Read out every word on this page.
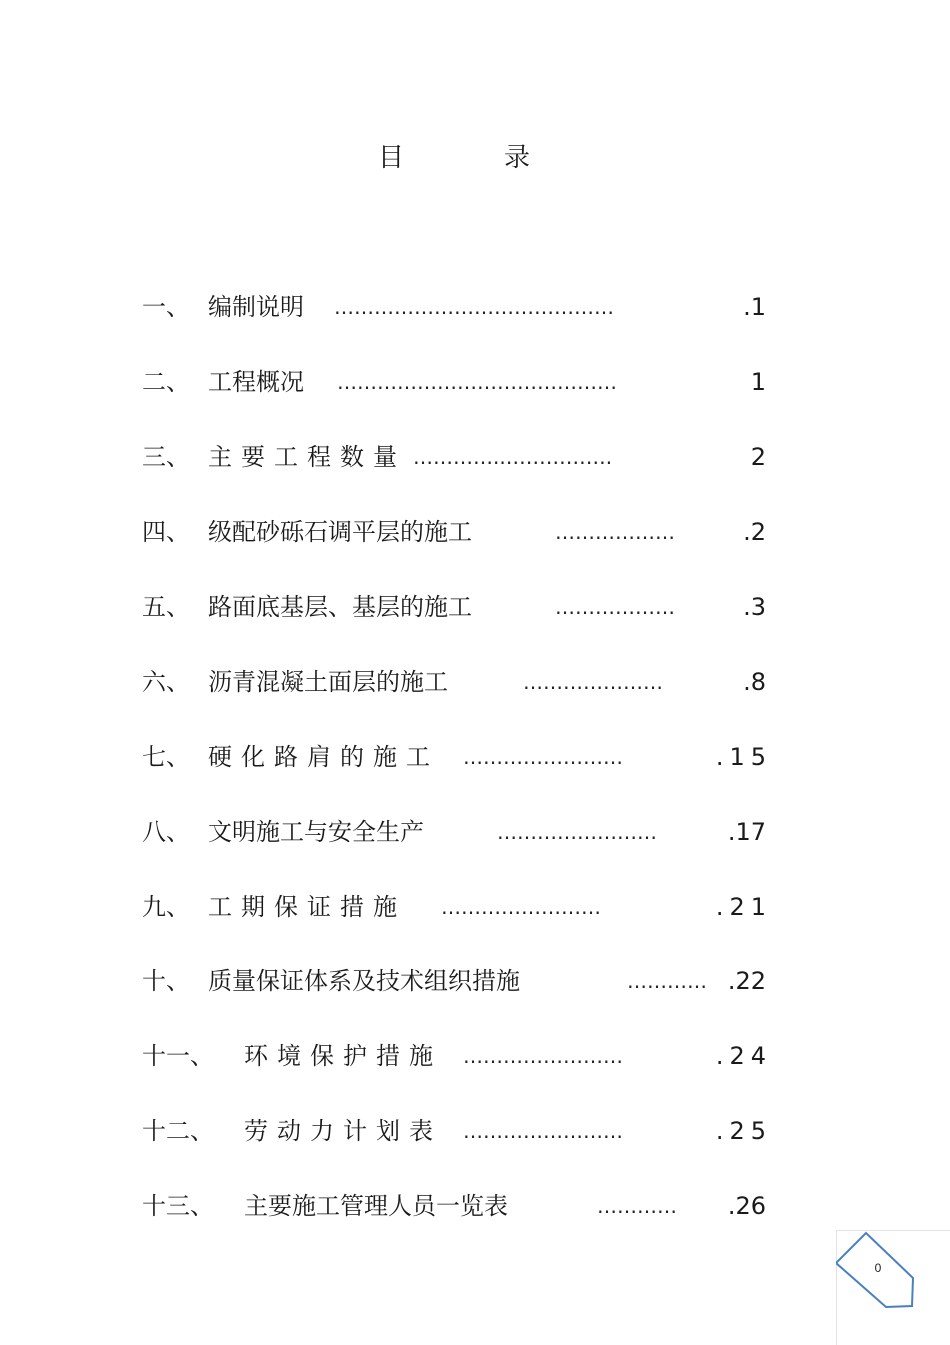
目	录
一、 编制说明 ……………………………………	.1
二、 工程概况 ……………………………………	1
三、 主要工程数量 …………..…………….	2
四、 级配砂砾石调平层的施工	………………	.2
五、 路面底基层、基层的施工	………………	.3
六、 沥青混凝土面层的施工	…………………	.8
七、 硬化路肩的施工 ……………………	.15
八、 文明施工与安全生产	……………………	.17
九、 工期保证措施 ……………………	.21
十、 质量保证体系及技术组织措施	………… .22
十一、 环境保护措施 ……………………	.24
十二、 劳动力计划表 ……………………	.25
十三、 主要施工管理人员一览表	………… .26
0
